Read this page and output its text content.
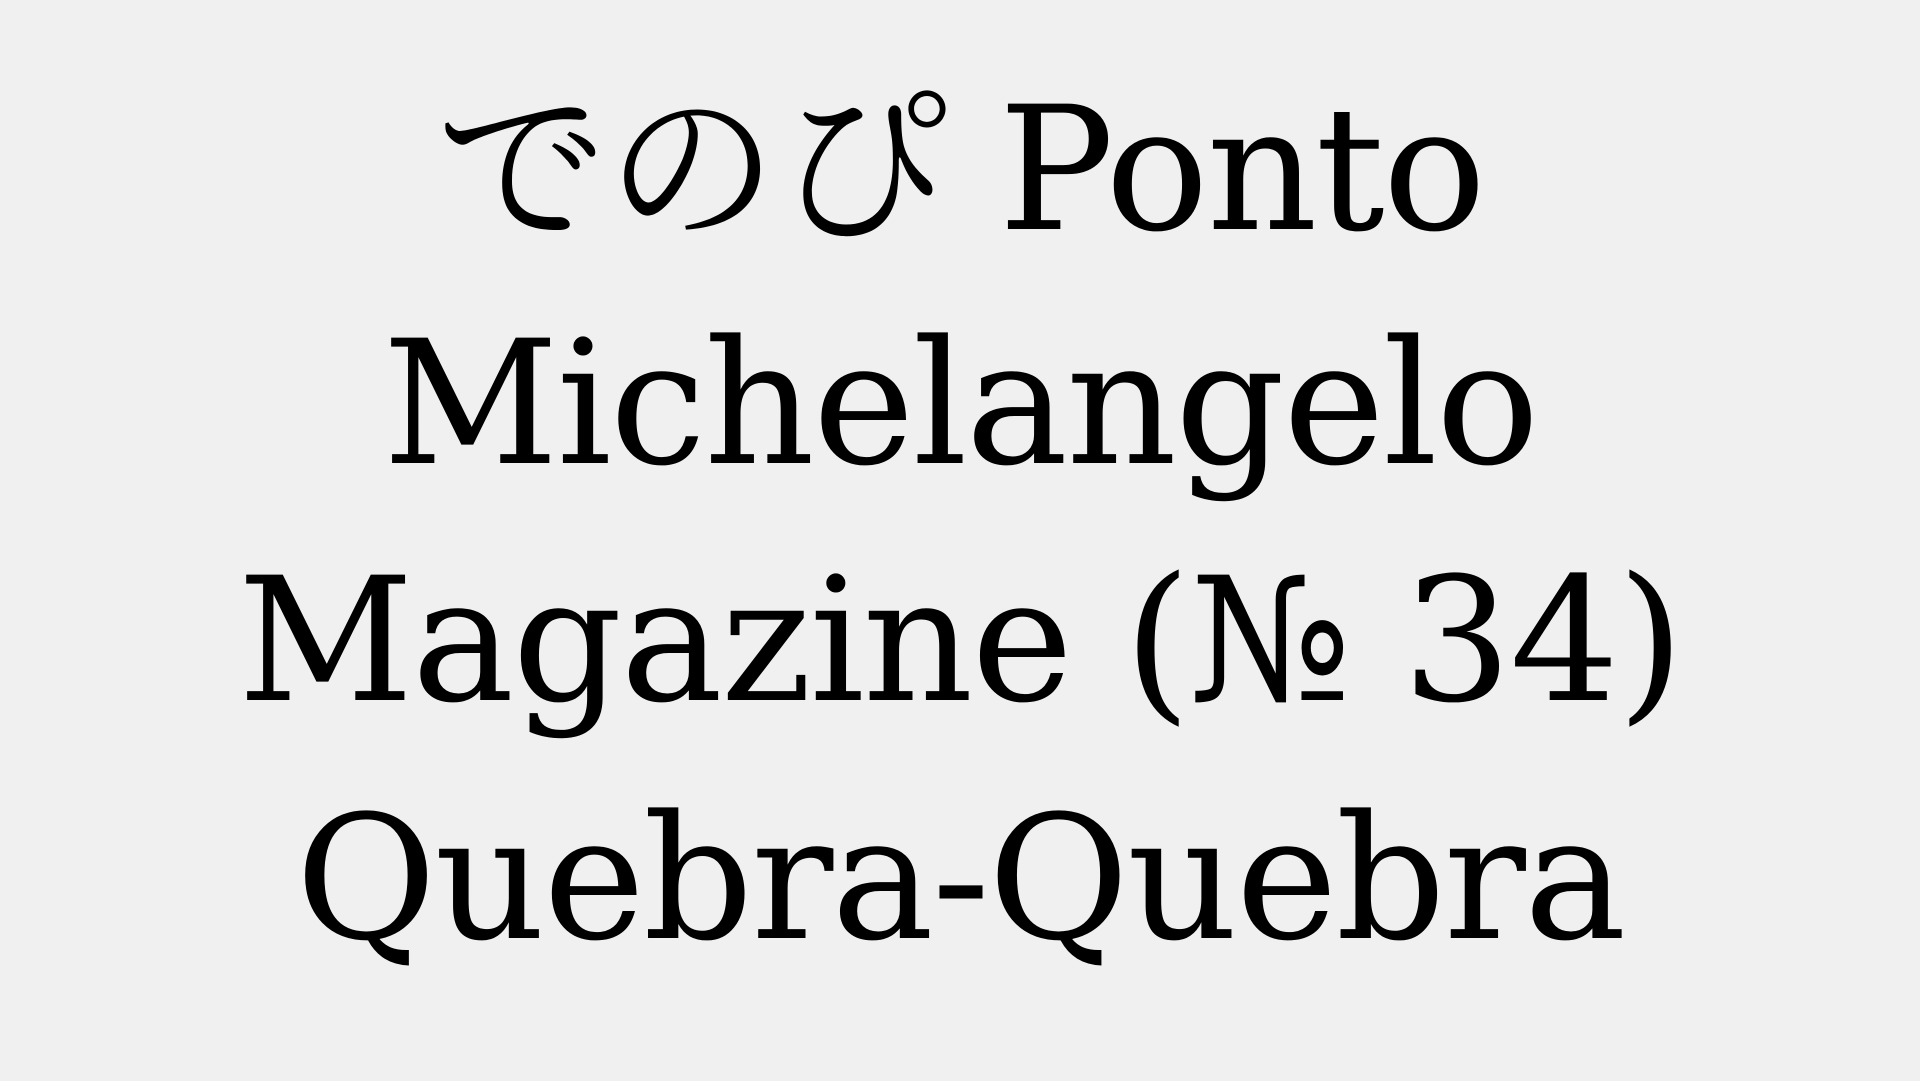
でのぴ Ponto
Michelangelo
Magazine (№ 34)
Quebra-Quebra
